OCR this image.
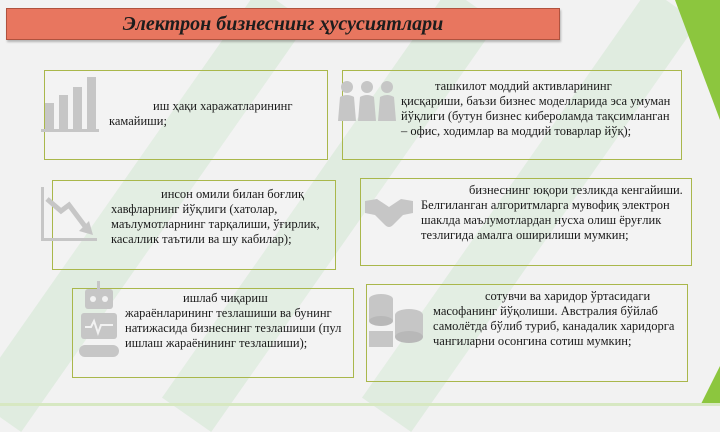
Электрон бизнеснинг ҳусусиятлари
иш ҳақи харажатларининг камайиши;
ташкилот моддий активларининг қисқариши, баъзи бизнес моделларида эса умуман йўқлиги (бутун бизнес кибероламда тақсимланган – офис, ходимлар ва моддий товарлар йўқ);
инсон омили билан боғлиқ хавфларнинг йўқлиги (хатолар, маълумотларнинг тарқалиши, ўғирлик, касаллик таътили ва шу кабилар);
бизнеснинг юқори тезликда кенгайиши. Белгиланган алгоритмларга мувофиқ электрон шаклда маълумотлардан нусха олиш ёруғлик тезлигида амалга оширилиши мумкин;
ишлаб чиқариш жараёнларининг тезлашиши ва бунинг натижасида бизнеснинг тезлашиши (пул ишлаш жараёнининг тезлашиши);
сотувчи ва харидор ўртасидаги масофанинг йўқолиши. Австралия бўйлаб самолётда бўлиб туриб, канадалик харидорга чангиларни осонгина сотиш мумкин;
